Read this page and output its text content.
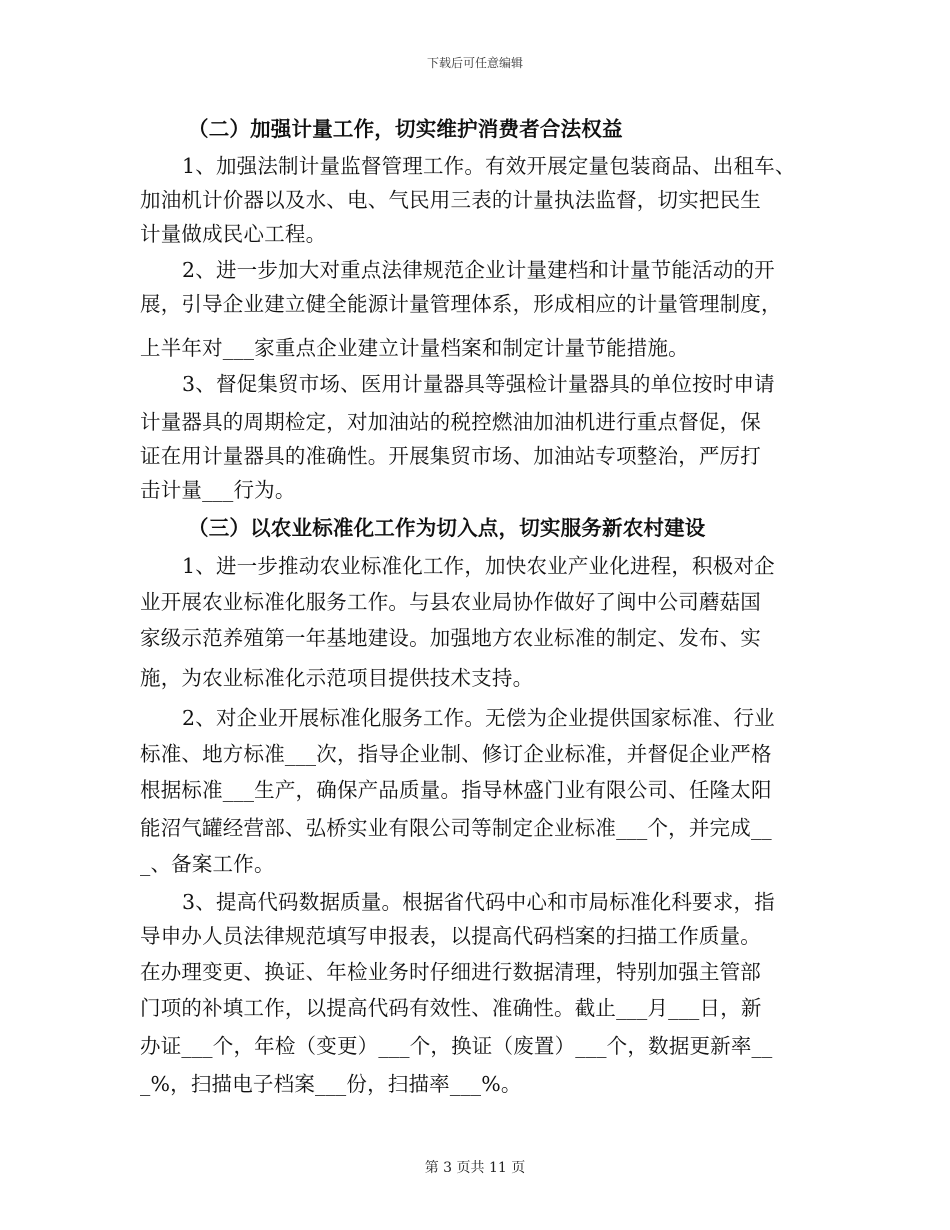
下载后可任意编辑
（二）加强计量工作，切实维护消费者合法权益
1、加强法制计量监督管理工作。有效开展定量包装商品、出租车、
加油机计价器以及水、电、气民用三表的计量执法监督，切实把民生
计量做成民心工程。
2、进一步加大对重点法律规范企业计量建档和计量节能活动的开
展，引导企业建立健全能源计量管理体系，形成相应的计量管理制度，
上半年对___家重点企业建立计量档案和制定计量节能措施。
3、督促集贸市场、医用计量器具等强检计量器具的单位按时申请
计量器具的周期检定，对加油站的税控燃油加油机进行重点督促，保
证在用计量器具的准确性。开展集贸市场、加油站专项整治，严厉打
击计量___行为。
（三）以农业标准化工作为切入点，切实服务新农村建设
1、进一步推动农业标准化工作，加快农业产业化进程，积极对企
业开展农业标准化服务工作。与县农业局协作做好了闽中公司蘑菇国
家级示范养殖第一年基地建设。加强地方农业标准的制定、发布、实
施，为农业标准化示范项目提供技术支持。
2、对企业开展标准化服务工作。无偿为企业提供国家标准、行业
标准、地方标准___次，指导企业制、修订企业标准，并督促企业严格
根据标准___生产，确保产品质量。指导林盛门业有限公司、任隆太阳
能沼气罐经营部、弘桥实业有限公司等制定企业标准___个，并完成__
_、备案工作。
3、提高代码数据质量。根据省代码中心和市局标准化科要求，指
导申办人员法律规范填写申报表，以提高代码档案的扫描工作质量。
在办理变更、换证、年检业务时仔细进行数据清理，特别加强主管部
门项的补填工作，以提高代码有效性、准确性。截止___月___日，新
办证___个，年检（变更）___个，换证（废置）___个，数据更新率__
_%，扫描电子档案___份，扫描率___%。
第 3 页共 11 页
